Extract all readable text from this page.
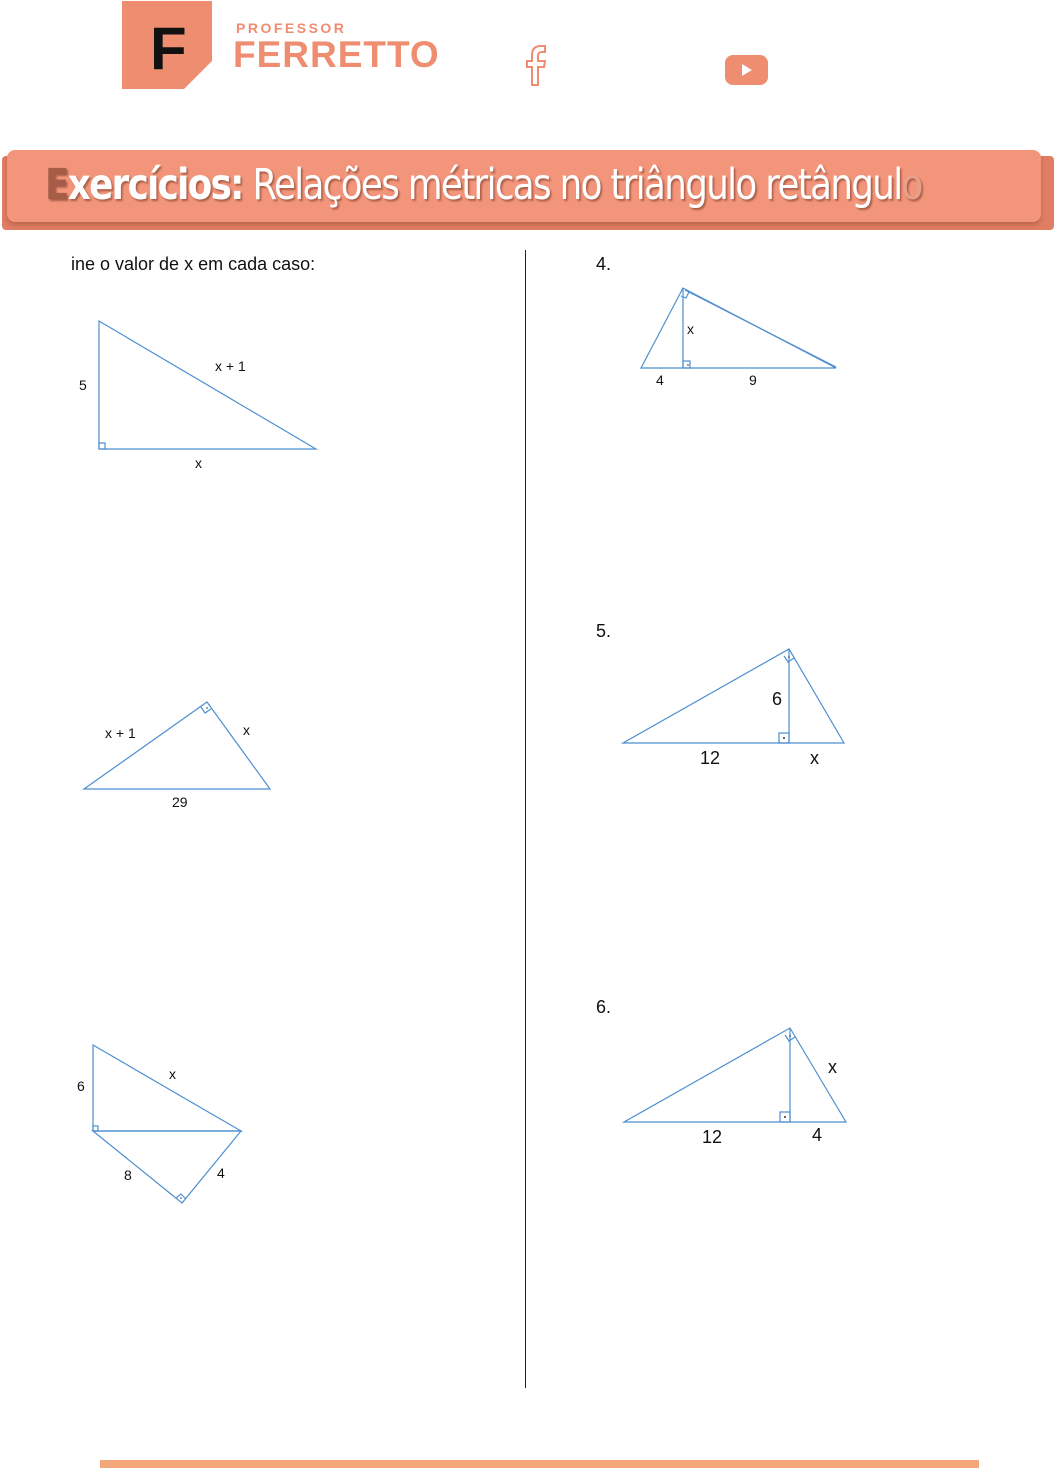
F	PROFESSOR
FERRETTO
Exercícios: Relações métricas no triângulo retângulo
ine o valor de x em cada caso:	4.
5.
6.
5
x + 1
x
x + 1	x
29
6
x
8	4
x
4	9
6
12	x
x
12	4
